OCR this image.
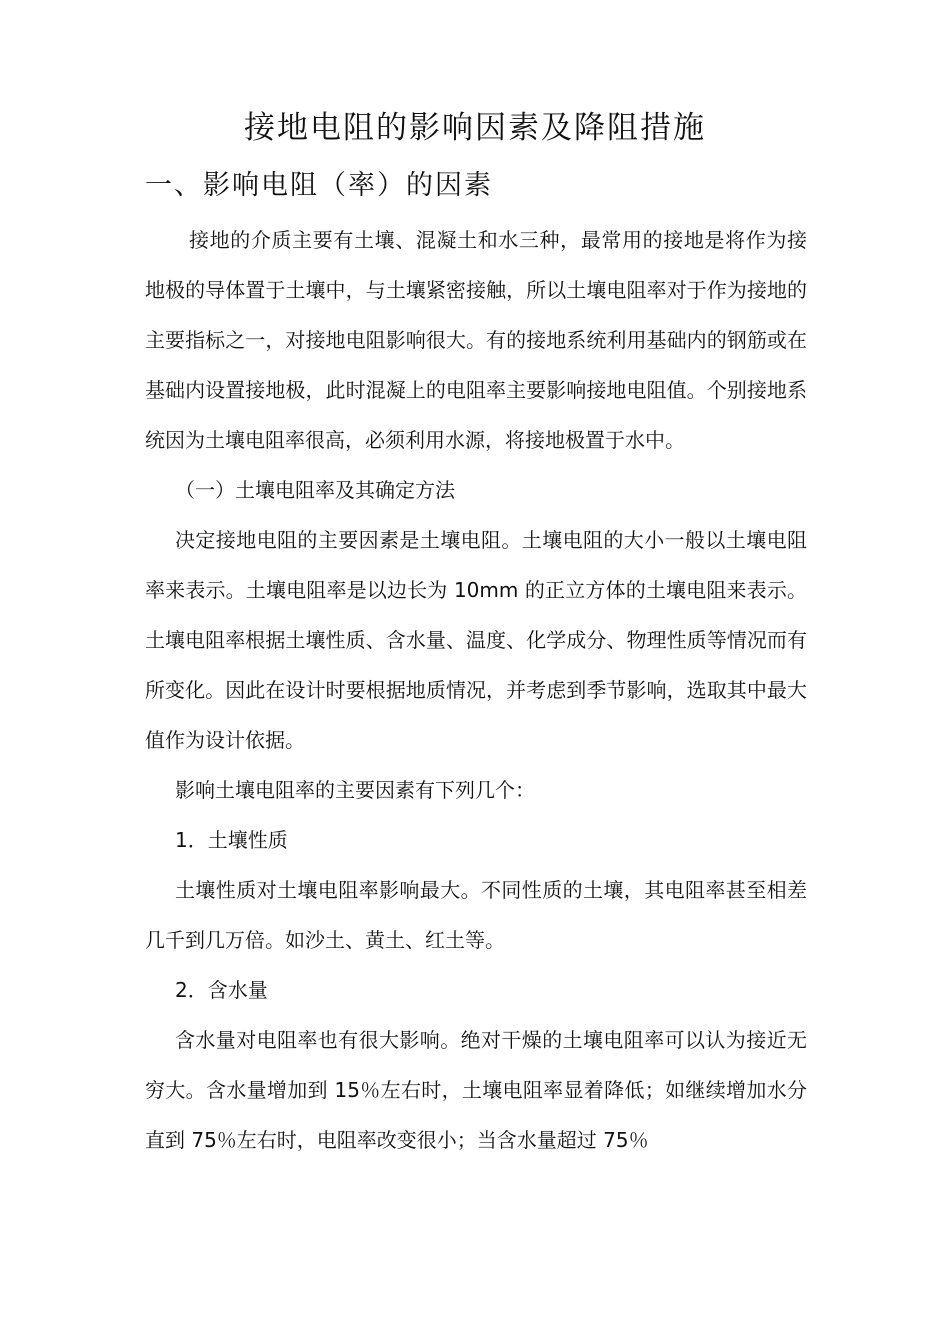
接地电阻的影响因素及降阻措施
一、影响电阻（率）的因素

接地的介质主要有土壤、混凝土和水三种，最常用的接地是将作为接地极的导体置于土壤中，与土壤紧密接触，所以土壤电阻率对于作为接地的主要指标之一，对接地电阻影响很大。有的接地系统利用基础内的钢筋或在基础内设置接地极，此时混凝上的电阻率主要影响接地电阻值。个别接地系统因为土壤电阻率很高，必须利用水源，将接地极置于水中。

（一）土壤电阻率及其确定方法

决定接地电阻的主要因素是土壤电阻。土壤电阻的大小一般以土壤电阻率来表示。土壤电阻率是以边长为 10mm 的正立方体的土壤电阻来表示。土壤电阻率根据土壤性质、含水量、温度、化学成分、物理性质等情况而有所变化。因此在设计时要根据地质情况，并考虑到季节影响，选取其中最大值作为设计依据。

影响土壤电阻率的主要因素有下列几个：

1．土壤性质

土壤性质对土壤电阻率影响最大。不同性质的土壤，其电阻率甚至相差几千到几万倍。如沙土、黄土、红土等。

2．含水量

含水量对电阻率也有很大影响。绝对干燥的土壤电阻率可以认为接近无穷大。含水量增加到 15％左右时，土壤电阻率显着降低；如继续增加水分直到 75％左右时，电阻率改变很小；当含水量超过 75％
